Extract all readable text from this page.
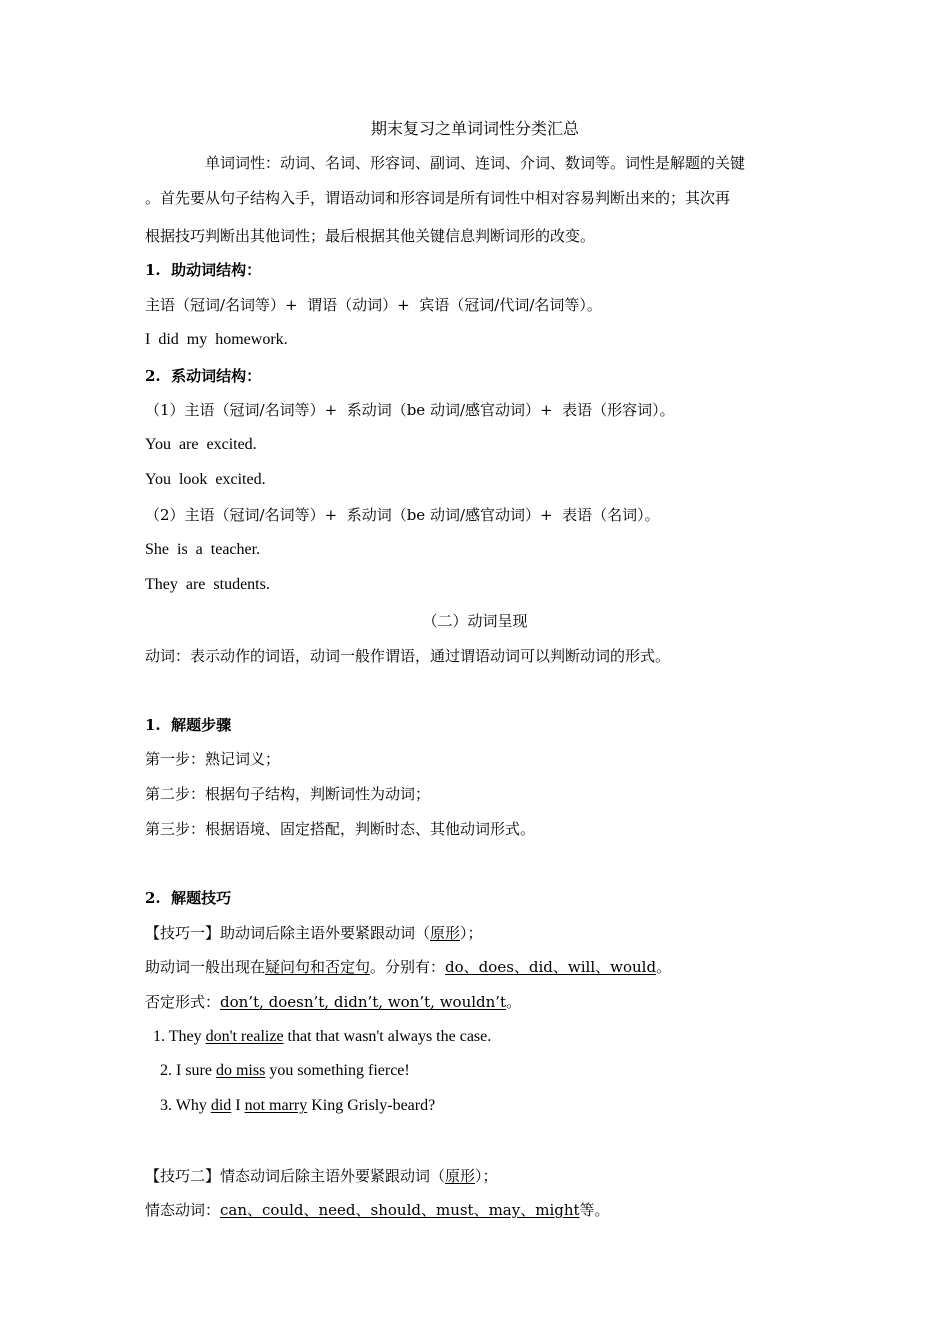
期末复习之单词词性分类汇总
单词词性：动词、名词、形容词、副词、连词、介词、数词等。词性是解题的关键
。首先要从句子结构入手，谓语动词和形容词是所有词性中相对容易判断出来的；其次再
根据技巧判断出其他词性；最后根据其他关键信息判断词形的改变。
1.  助动词结构：
主语（冠词/名词等）+  谓语（动词）+  宾语（冠词/代词/名词等）。
I  did  my  homework.
2.  系动词结构：
（1）主语（冠词/名词等）+  系动词（be 动词/感官动词）+  表语（形容词）。
You  are  excited.
You  look  excited.
（2）主语（冠词/名词等）+  系动词（be 动词/感官动词）+  表语（名词）。
She  is  a  teacher.
They  are  students.
（二）动词呈现
动词：表示动作的词语，动词一般作谓语，通过谓语动词可以判断动词的形式。
1.  解题步骤
第一步：熟记词义；
第二步：根据句子结构，判断词性为动词；
第三步：根据语境、固定搭配，判断时态、其他动词形式。
2.  解题技巧
【技巧一】助动词后除主语外要紧跟动词（原形）；
助动词一般出现在疑问句和否定句。分别有：do、does、did、will、would。
否定形式：don’t, doesn’t, didn’t, won’t, wouldn’t。
1. They don't realize that that wasn't always the case.
2. I sure do miss you something fierce!
3. Why did I not marry King Grisly-beard?
【技巧二】情态动词后除主语外要紧跟动词（原形）；
情态动词：can、could、need、should、must、may、might等。
